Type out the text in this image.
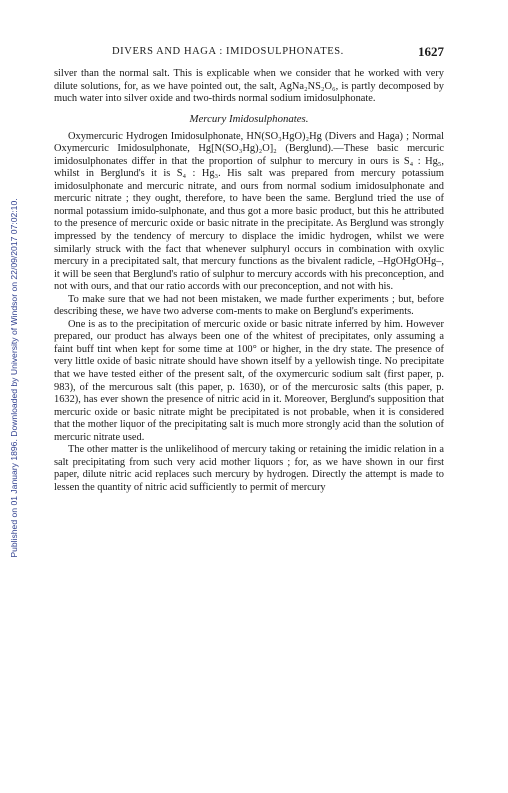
Published on 01 January 1896. Downloaded by University of Windsor on 22/09/2017 07:02:10.
DIVERS AND HAGA : IMIDOSULPHONATES.	1627

silver than the normal salt. This is explicable when we consider that he worked with very dilute solutions, for, as we have pointed out, the salt, AgNa₂NS₂O₆, is partly decomposed by much water into silver oxide and two-thirds normal sodium imidosulphonate.

Mercury Imidosulphonates.

Oxymercuric Hydrogen Imidosulphonate, HN(SO₃HgO)₂Hg (Divers and Haga) ; Normal Oxymercuric Imidosulphonate, Hg[N(SO₃Hg)₂O]₂ (Berglund).—These basic mercuric imidosulphonates differ in that the proportion of sulphur to mercury in ours is S₄ : Hg₅, whilst in Berglund's it is S₄ : Hg₃. His salt was prepared from mercury potassium imidosulphonate and mercuric nitrate, and ours from normal sodium imidosulphonate and mercuric nitrate ; they ought, therefore, to have been the same. Berglund tried the use of normal potassium imido-sulphonate, and thus got a more basic product, but this he attributed to the presence of mercuric oxide or basic nitrate in the precipitate. As Berglund was strongly impressed by the tendency of mercury to displace the imidic hydrogen, whilst we were similarly struck with the fact that whenever sulphuryl occurs in combination with oxylic mercury in a precipitated salt, that mercury functions as the bivalent radicle, –HgOHgOHg–, it will be seen that Berglund's ratio of sulphur to mercury accords with his preconception, and not with ours, and that our ratio accords with our preconception, and not with his.

To make sure that we had not been mistaken, we made further experiments ; but, before describing these, we have two adverse com-ments to make on Berglund's experiments.

One is as to the precipitation of mercuric oxide or basic nitrate inferred by him. However prepared, our product has always been one of the whitest of precipitates, only assuming a faint buff tint when kept for some time at 100° or higher, in the dry state. The presence of very little oxide of basic nitrate should have shown itself by a yellowish tinge. No precipitate that we have tested either of the present salt, of the oxymercuric sodium salt (first paper, p. 983), of the mercurous salt (this paper, p. 1630), or of the mercurosic salts (this paper, p. 1632), has ever shown the presence of nitric acid in it. Moreover, Berglund's supposition that mercuric oxide or basic nitrate might be precipitated is not probable, when it is considered that the mother liquor of the precipitating salt is much more strongly acid than the solution of mercuric nitrate used.

The other matter is the unlikelihood of mercury taking or retaining the imidic relation in a salt precipitating from such very acid mother liquors ; for, as we have shown in our first paper, dilute nitric acid replaces such mercury by hydrogen. Directly the attempt is made to lessen the quantity of nitric acid sufficiently to permit of mercury
